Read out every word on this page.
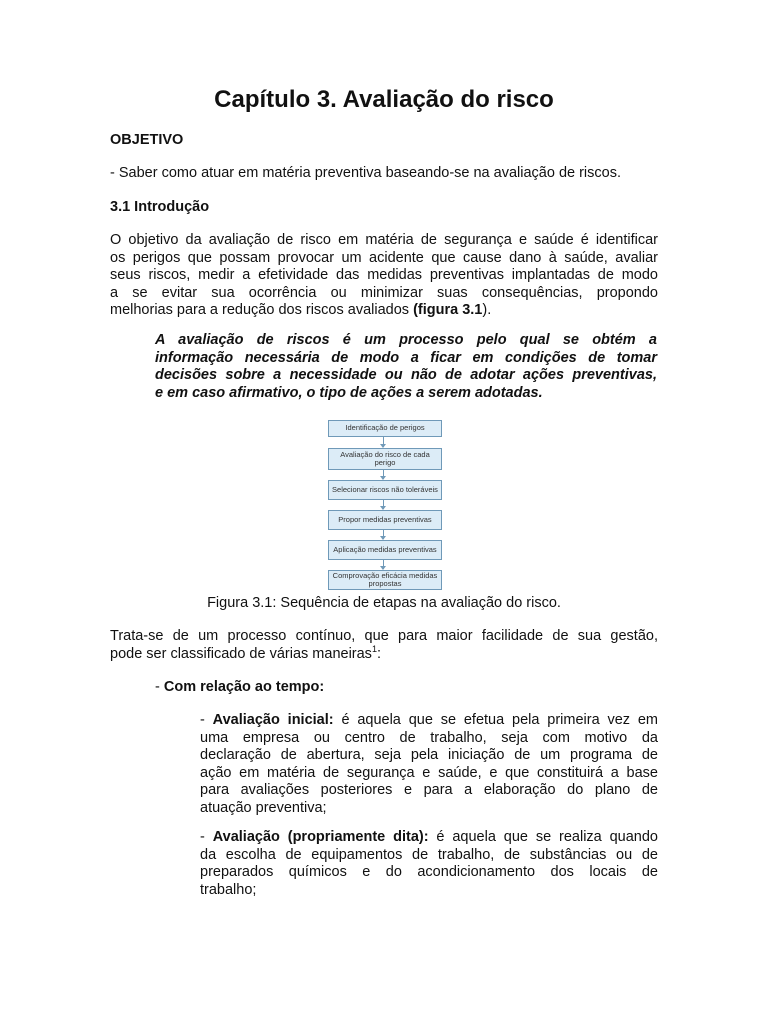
Capítulo 3. Avaliação do risco
OBJETIVO
- Saber como atuar em matéria preventiva baseando-se na avaliação de riscos.
3.1 Introdução
O objetivo da avaliação de risco em matéria de segurança e saúde é identificar
os perigos que possam provocar um acidente que cause dano à saúde, avaliar
seus riscos, medir a efetividade das medidas preventivas implantadas de modo
a se evitar sua ocorrência ou minimizar suas consequências, propondo
melhorias para a redução dos riscos avaliados (figura 3.1).
A avaliação de riscos é um processo pelo qual se obtém a
informação necessária de modo a ficar em condições de tomar
decisões sobre a necessidade ou não de adotar ações preventivas,
e em caso afirmativo, o tipo de ações a serem adotadas.
Identificação de perigos
Avaliação do risco de cada perigo
Selecionar riscos não toleráveis
Propor medidas preventivas
Aplicação medidas preventivas
Comprovação eficácia medidas propostas
Figura 3.1: Sequência de etapas na avaliação do risco.
Trata-se de um processo contínuo, que para maior facilidade de sua gestão,
pode ser classificado de várias maneiras$^1$:
- Com relação ao tempo:
- Avaliação inicial: é aquela que se efetua pela primeira vez em
uma empresa ou centro de trabalho, seja com motivo da
declaração de abertura, seja pela iniciação de um programa de
ação em matéria de segurança e saúde, e que constituirá a base
para avaliações posteriores e para a elaboração do plano de
atuação preventiva;
- Avaliação (propriamente dita): é aquela que se realiza quando
da escolha de equipamentos de trabalho, de substâncias ou de
preparados químicos e do acondicionamento dos locais de
trabalho;
